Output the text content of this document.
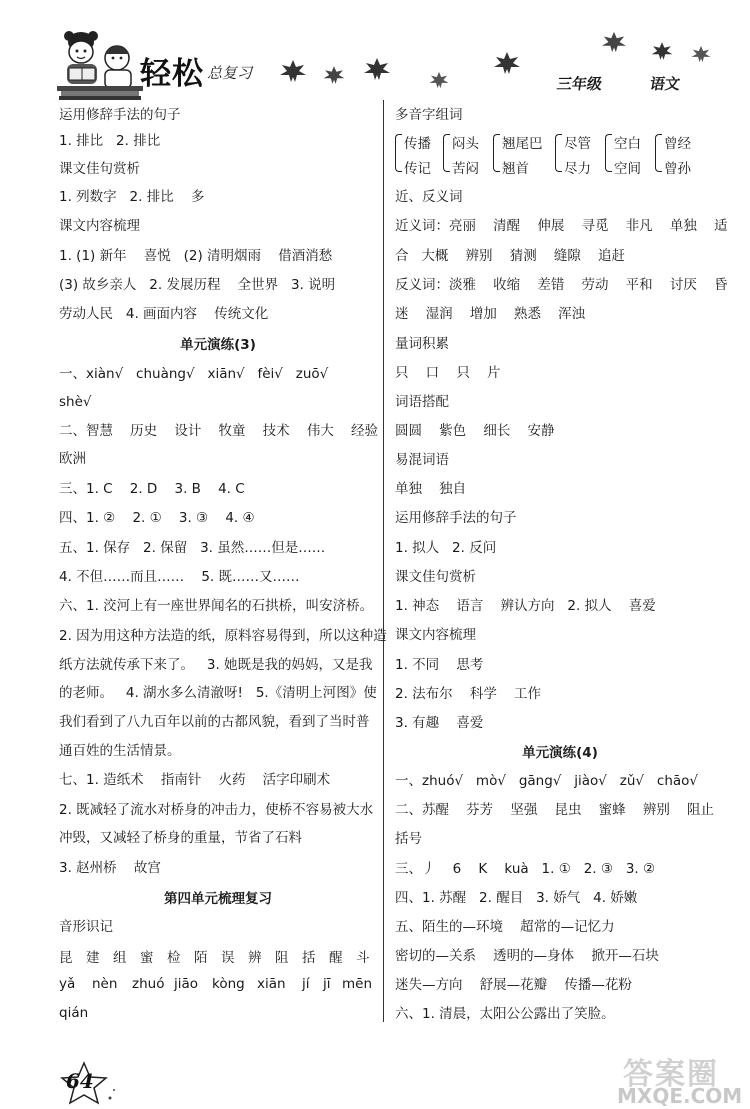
轻松 总复习
三年级	语文
运用修辞手法的句子
1. 排比   2. 排比
课文佳句赏析
1. 列数字   2. 排比    多
课文内容梳理
1. (1) 新年    喜悦   (2) 清明烟雨    借酒消愁
(3) 故乡亲人   2. 发展历程    全世界   3. 说明
劳动人民   4. 画面内容    传统文化
单元演练(3)
一、xiàn√   chuàng√   xiān√   fèi√   zuō√
shè√
二、智慧    历史    设计    牧童    技术    伟大    经验
欧洲
三、1. C    2. D    3. B    4. C
四、1. ②    2. ①    3. ③    4. ④
五、1. 保存   2. 保留   3. 虽然……但是……
4. 不但……而且……    5. 既……又……
六、1. 洨河上有一座世界闻名的石拱桥，叫安济桥。
2. 因为用这种方法造的纸，原料容易得到，所以这种造
纸方法就传承下来了。   3. 她既是我的妈妈，又是我
的老师。   4. 湖水多么清澈呀!   5.《清明上河图》使
我们看到了八九百年以前的古都风貌，看到了当时普
通百姓的生活情景。
七、1. 造纸术    指南针    火药    活字印刷术
2. 既减轻了流水对桥身的冲击力，使桥不容易被大水
冲毁，又减轻了桥身的重量，节省了石料
3. 赵州桥    故宫
第四单元梳理复习
音形识记
昆 建 组 蜜 检 陌 误 辨 阻 括 醒 斗
yǎ nèn zhuó jiāo kòng xiān jí jī mēn
qián
多音字组词
传播
传记
闷头
苦闷
翘尾巴
翘首
尽管
尽力
空白
空间
曾经
曾孙
近、反义词
近义词：亮丽    清醒    伸展    寻觅    非凡    单独    适
合   大概    辨别    猜测    缝隙    追赶
反义词：淡雅    收缩    差错    劳动    平和    讨厌    昏
迷    湿润    增加    熟悉    浑浊
量词积累
只    口    只    片
词语搭配
圆圆    紫色    细长    安静
易混词语
单独    独自
运用修辞手法的句子
1. 拟人   2. 反问
课文佳句赏析
1. 神态    语言    辨认方向   2. 拟人    喜爱
课文内容梳理
1. 不同    思考
2. 法布尔    科学    工作
3. 有趣    喜爱
单元演练(4)
一、zhuó√   mò√   gāng√   jiào√   zǔ√   chāo√
二、苏醒    芬芳    坚强    昆虫    蜜蜂    辨别    阻止
括号
三、丿    6    K    kuà   1. ①   2. ③   3. ②
四、1. 苏醒   2. 醒目   3. 娇气   4. 娇嫩
五、陌生的—环境    超常的—记忆力
密切的—关系    透明的—身体    掀开—石块
迷失—方向    舒展—花瓣    传播—花粉
六、1. 清晨，太阳公公露出了笑脸。
64	答案圈
MXQE.COM
